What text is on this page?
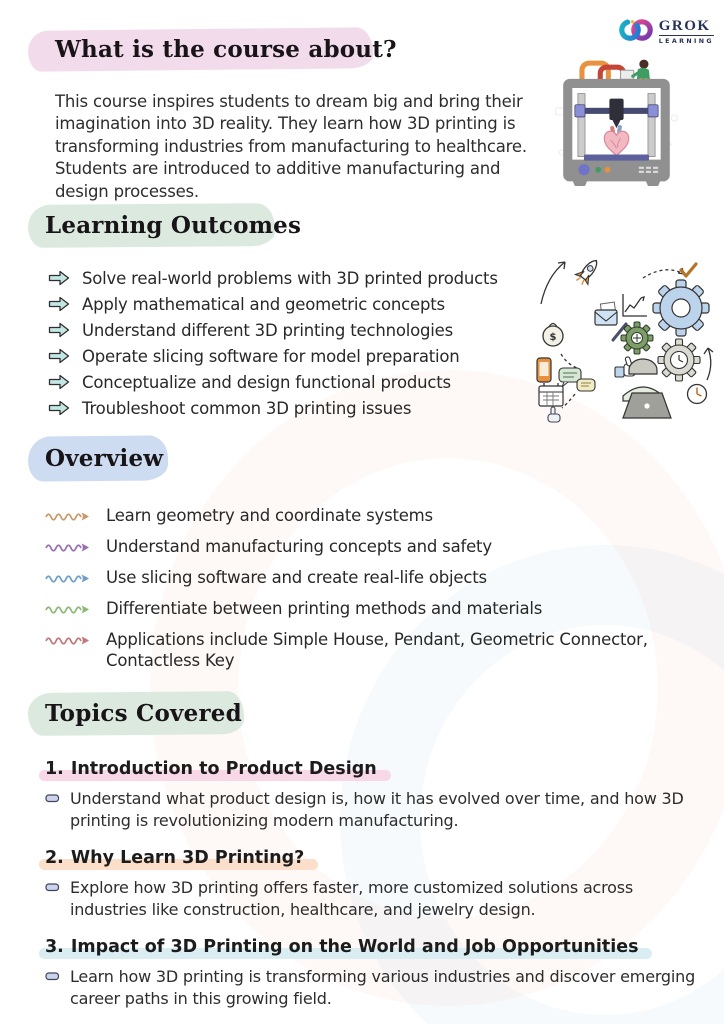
GROK
LEARNING
What is the course about?

This course inspires students to dream big and bring their imagination into 3D reality. They learn how 3D printing is transforming industries from manufacturing to healthcare. Students are introduced to additive manufacturing and design processes.

Learning Outcomes
Solve real-world problems with 3D printed products
Apply mathematical and geometric concepts
Understand different 3D printing technologies
Operate slicing software for model preparation
Conceptualize and design functional products
Troubleshoot common 3D printing issues
$
Overview
Learn geometry and coordinate systems
Understand manufacturing concepts and safety
Use slicing software and create real-life objects
Differentiate between printing methods and materials
Applications include Simple House, Pendant, Geometric Connector, Contactless Key
Topics Covered
1. Introduction to Product Design
Understand what product design is, how it has evolved over time, and how 3D printing is revolutionizing modern manufacturing.
2. Why Learn 3D Printing?
Explore how 3D printing offers faster, more customized solutions across industries like construction, healthcare, and jewelry design.
3. Impact of 3D Printing on the World and Job Opportunities
Learn how 3D printing is transforming various industries and discover emerging career paths in this growing field.
